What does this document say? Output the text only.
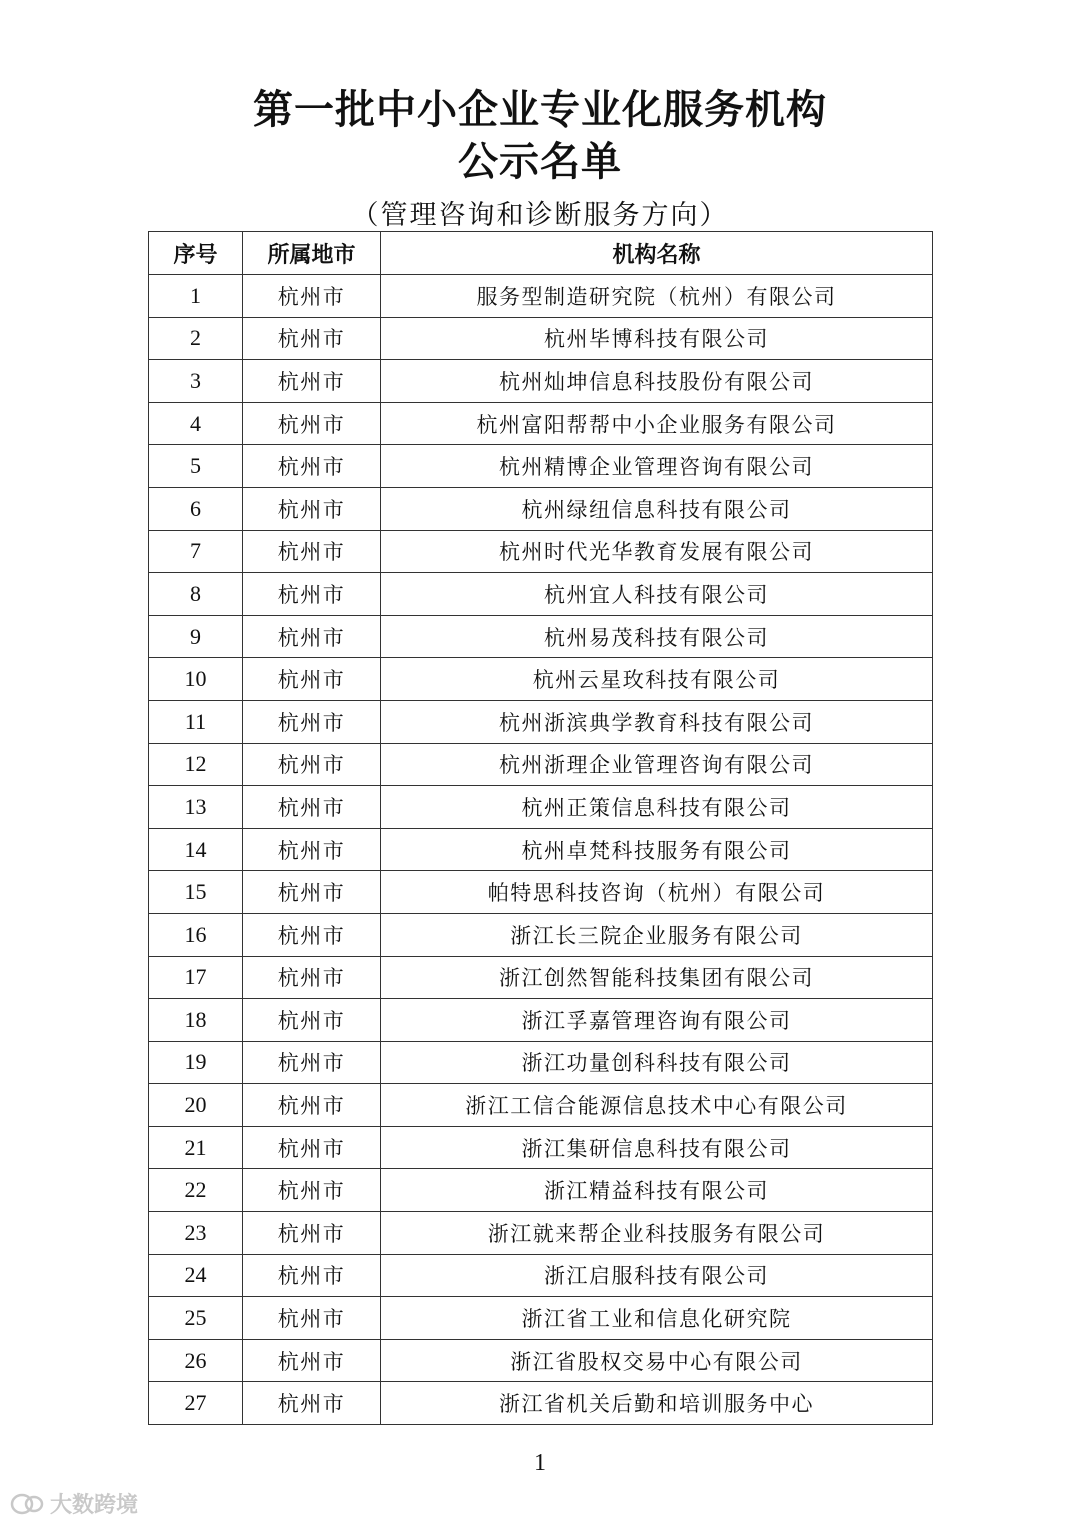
第一批中小企业专业化服务机构
公示名单
（管理咨询和诊断服务方向）
序号	所属地市	机构名称
1	杭州市	服务型制造研究院（杭州）有限公司
2	杭州市	杭州毕博科技有限公司
3	杭州市	杭州灿坤信息科技股份有限公司
4	杭州市	杭州富阳帮帮中小企业服务有限公司
5	杭州市	杭州精博企业管理咨询有限公司
6	杭州市	杭州绿纽信息科技有限公司
7	杭州市	杭州时代光华教育发展有限公司
8	杭州市	杭州宜人科技有限公司
9	杭州市	杭州易茂科技有限公司
10	杭州市	杭州云星玫科技有限公司
11	杭州市	杭州浙滨典学教育科技有限公司
12	杭州市	杭州浙理企业管理咨询有限公司
13	杭州市	杭州正策信息科技有限公司
14	杭州市	杭州卓梵科技服务有限公司
15	杭州市	帕特思科技咨询（杭州）有限公司
16	杭州市	浙江长三院企业服务有限公司
17	杭州市	浙江创然智能科技集团有限公司
18	杭州市	浙江孚嘉管理咨询有限公司
19	杭州市	浙江功量创科科技有限公司
20	杭州市	浙江工信合能源信息技术中心有限公司
21	杭州市	浙江集研信息科技有限公司
22	杭州市	浙江精益科技有限公司
23	杭州市	浙江就来帮企业科技服务有限公司
24	杭州市	浙江启服科技有限公司
25	杭州市	浙江省工业和信息化研究院
26	杭州市	浙江省股权交易中心有限公司
27	杭州市	浙江省机关后勤和培训服务中心
1
大数跨境
